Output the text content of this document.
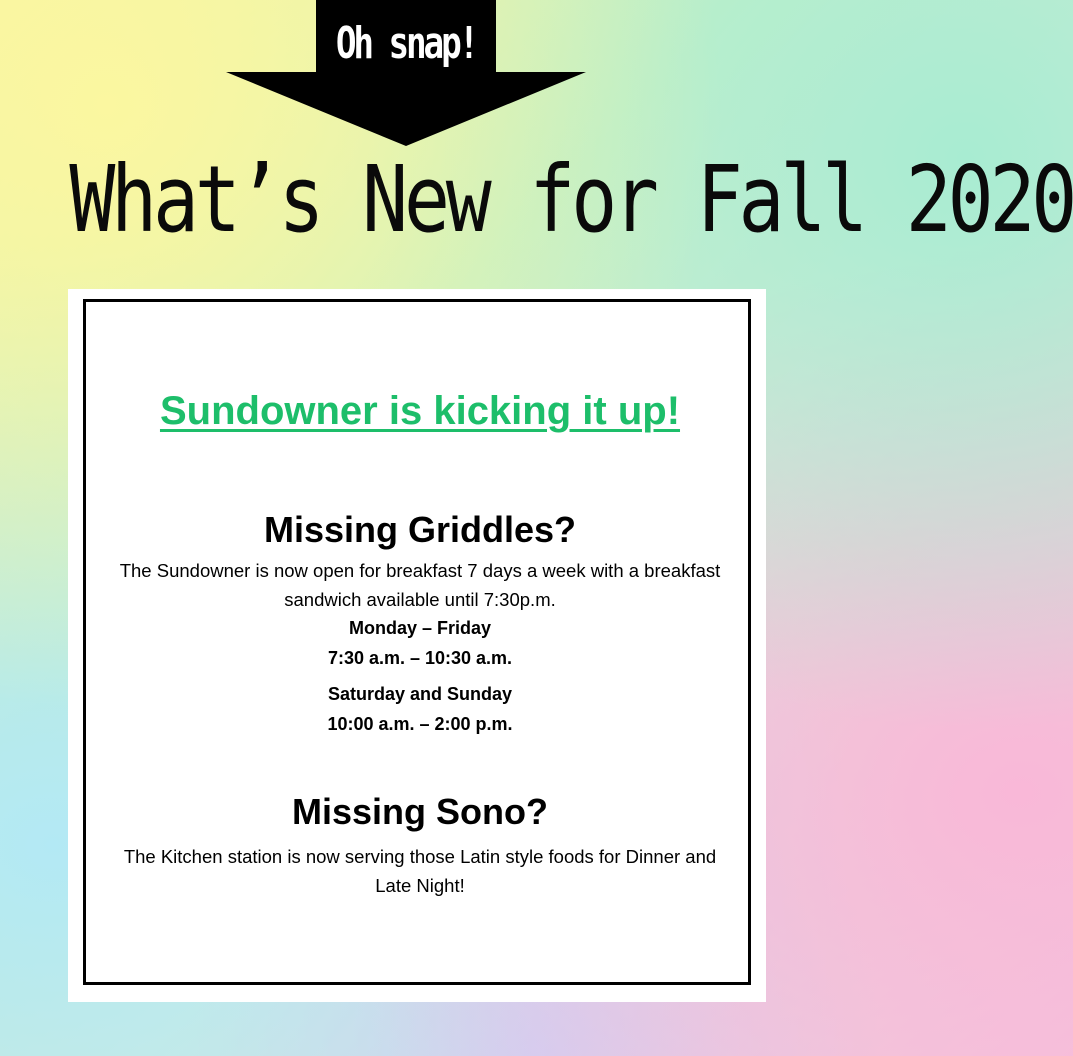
Oh snap!
What’s New for Fall 2020
Sundowner is kicking it up!
Missing Griddles?
The Sundowner is now open for breakfast 7 days a week with a breakfast sandwich available until 7:30p.m.
Monday – Friday
7:30 a.m. – 10:30 a.m.
Saturday and Sunday
10:00 a.m. – 2:00 p.m.
Missing Sono?
The Kitchen station is now serving those Latin style foods for Dinner and Late Night!
